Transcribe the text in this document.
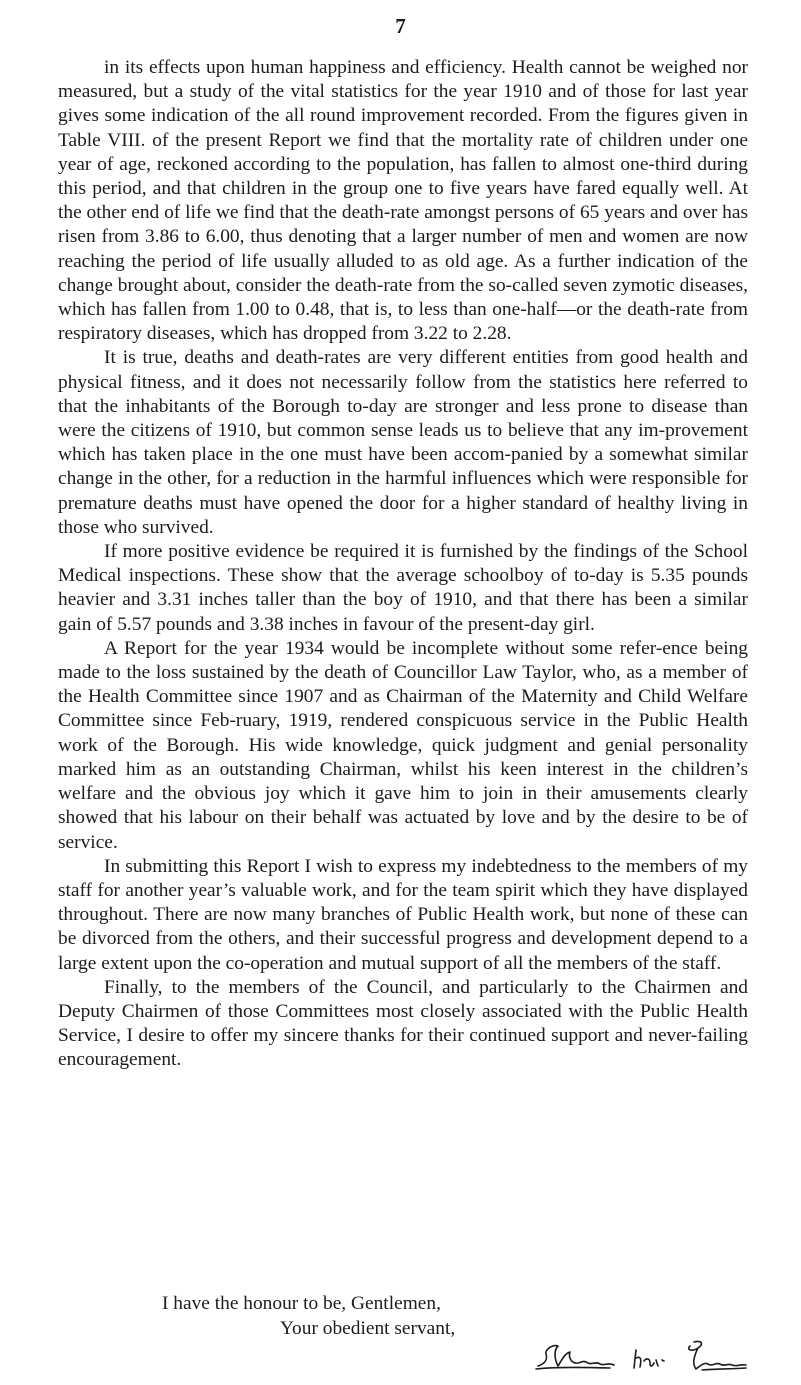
7

in its effects upon human happiness and efficiency. Health cannot be weighed nor measured, but a study of the vital statistics for the year 1910 and of those for last year gives some indication of the all round improvement recorded. From the figures given in Table VIII. of the present Report we find that the mortality rate of children under one year of age, reckoned according to the population, has fallen to almost one-third during this period, and that children in the group one to five years have fared equally well. At the other end of life we find that the death-rate amongst persons of 65 years and over has risen from 3.86 to 6.00, thus denoting that a larger number of men and women are now reaching the period of life usually alluded to as old age. As a further indication of the change brought about, consider the death-rate from the so-called seven zymotic diseases, which has fallen from 1.00 to 0.48, that is, to less than one-half—or the death-rate from respiratory diseases, which has dropped from 3.22 to 2.28.

It is true, deaths and death-rates are very different entities from good health and physical fitness, and it does not necessarily follow from the statistics here referred to that the inhabitants of the Borough to-day are stronger and less prone to disease than were the citizens of 1910, but common sense leads us to believe that any im-provement which has taken place in the one must have been accom-panied by a somewhat similar change in the other, for a reduction in the harmful influences which were responsible for premature deaths must have opened the door for a higher standard of healthy living in those who survived.

If more positive evidence be required it is furnished by the findings of the School Medical inspections. These show that the average schoolboy of to-day is 5.35 pounds heavier and 3.31 inches taller than the boy of 1910, and that there has been a similar gain of 5.57 pounds and 3.38 inches in favour of the present-day girl.

A Report for the year 1934 would be incomplete without some refer-ence being made to the loss sustained by the death of Councillor Law Taylor, who, as a member of the Health Committee since 1907 and as Chairman of the Maternity and Child Welfare Committee since Feb-ruary, 1919, rendered conspicuous service in the Public Health work of the Borough. His wide knowledge, quick judgment and genial personality marked him as an outstanding Chairman, whilst his keen interest in the children’s welfare and the obvious joy which it gave him to join in their amusements clearly showed that his labour on their behalf was actuated by love and by the desire to be of service.

In submitting this Report I wish to express my indebtedness to the members of my staff for another year’s valuable work, and for the team spirit which they have displayed throughout. There are now many branches of Public Health work, but none of these can be divorced from the others, and their successful progress and development depend to a large extent upon the co-operation and mutual support of all the members of the staff.

Finally, to the members of the Council, and particularly to the Chairmen and Deputy Chairmen of those Committees most closely associated with the Public Health Service, I desire to offer my sincere thanks for their continued support and never-failing encouragement.

I have the honour to be, Gentlemen,
Your obedient servant,
